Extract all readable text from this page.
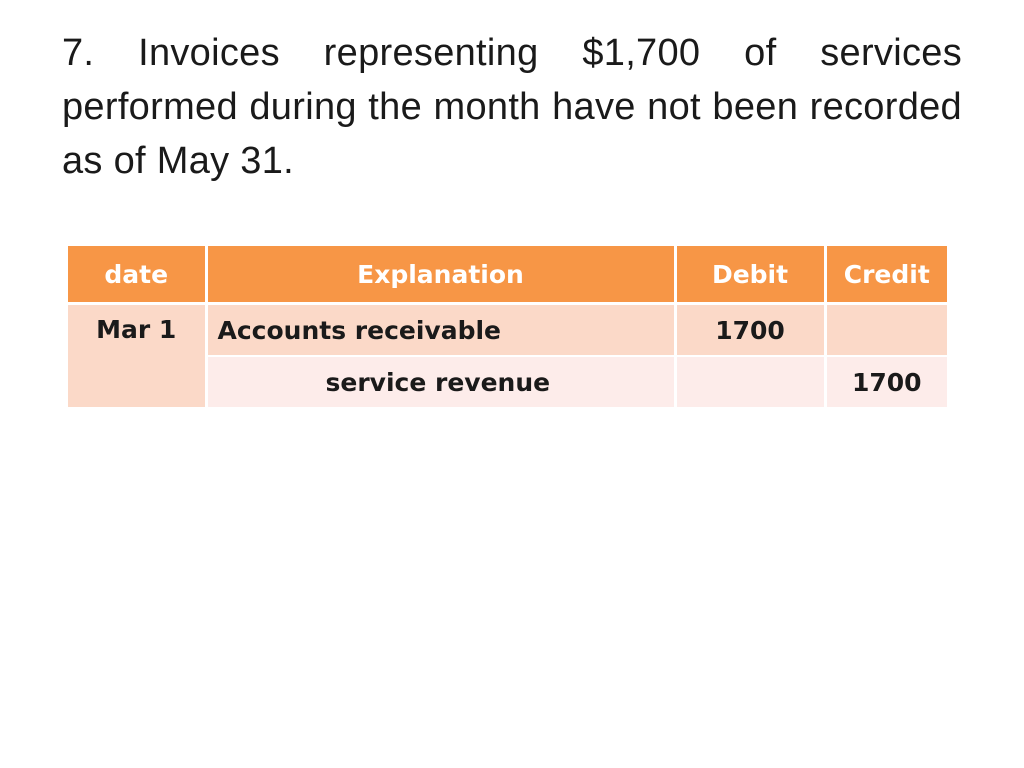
7. Invoices representing $1,700 of services performed during the month have not been recorded as of May 31.

date	Explanation	Debit	Credit
Mar 1	Accounts receivable	1700	
	service revenue		1700
